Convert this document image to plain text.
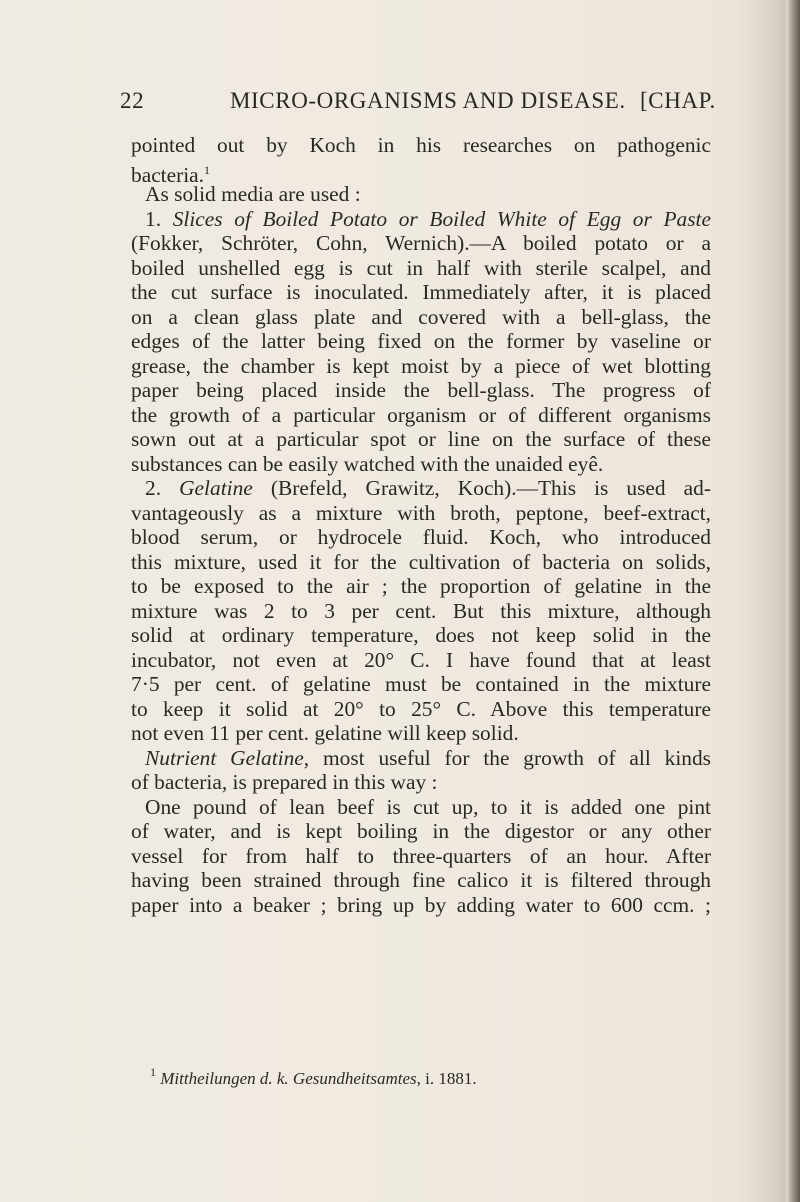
22	MICRO-ORGANISMS AND DISEASE. [CHAP.
pointed out by Koch in his researches on pathogenic
bacteria.$^1$
As solid media are used :
1. Slices of Boiled Potato or Boiled White of Egg or Paste
(Fokker, Schröter, Cohn, Wernich).—A boiled potato or a
boiled unshelled egg is cut in half with sterile scalpel, and
the cut surface is inoculated. Immediately after, it is placed
on a clean glass plate and covered with a bell-glass, the
edges of the latter being fixed on the former by vaseline or
grease, the chamber is kept moist by a piece of wet blotting
paper being placed inside the bell-glass. The progress of
the growth of a particular organism or of different organisms
sown out at a particular spot or line on the surface of these
substances can be easily watched with the unaided eyê.
2. Gelatine (Brefeld, Grawitz, Koch).—This is used ad-
vantageously as a mixture with broth, peptone, beef-extract,
blood serum, or hydrocele fluid. Koch, who introduced
this mixture, used it for the cultivation of bacteria on solids,
to be exposed to the air ; the proportion of gelatine in the
mixture was 2 to 3 per cent. But this mixture, although
solid at ordinary temperature, does not keep solid in the
incubator, not even at 20° C. I have found that at least
7·5 per cent. of gelatine must be contained in the mixture
to keep it solid at 20° to 25° C. Above this temperature
not even 11 per cent. gelatine will keep solid.
Nutrient Gelatine, most useful for the growth of all kinds
of bacteria, is prepared in this way :
One pound of lean beef is cut up, to it is added one pint
of water, and is kept boiling in the digestor or any other
vessel for from half to three-quarters of an hour. After
having been strained through fine calico it is filtered through
paper into a beaker ; bring up by adding water to 600 ccm. ;
$^1$ Mittheilungen d. k. Gesundheitsamtes, i. 1881.
